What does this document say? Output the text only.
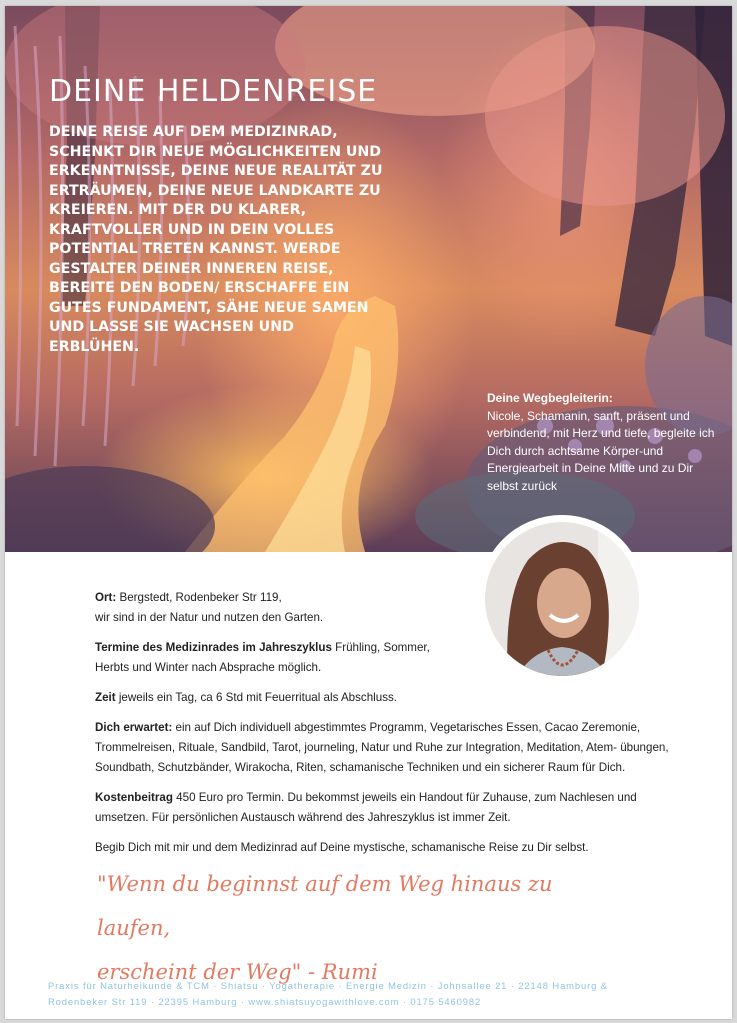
DEINE HELDENREISE

DEINE REISE AUF DEM MEDIZINRAD, SCHENKT DIR NEUE MÖGLICHKEITEN UND ERKENNTNISSE, DEINE NEUE REALITÄT ZU ERTRÄUMEN, DEINE NEUE LANDKARTE ZU KREIEREN. MIT DER DU KLARER, KRAFTVOLLER UND IN DEIN VOLLES POTENTIAL TRETEN KANNST. WERDE GESTALTER DEINER INNEREN REISE, BEREITE DEN BODEN/ ERSCHAFFE EIN GUTES FUNDAMENT, SÄHE NEUE SAMEN UND LASSE SIE WACHSEN UND ERBLÜHEN.

Deine Wegbegleiterin:
Nicole, Schamanin, sanft, präsent und verbindend, mit Herz und tiefe, begleite ich Dich durch achtsame Körper-und Energiearbeit in Deine Mitte und zu Dir selbst zurück

Ort: Bergstedt, Rodenbeker Str 119,
wir sind in der Natur und nutzen den Garten.

Termine des Medizinrades im Jahreszyklus Frühling, Sommer,
Herbts und Winter nach Absprache möglich.

Zeit jeweils ein Tag, ca 6 Std mit Feuerritual als Abschluss.

Dich erwartet: ein auf Dich individuell abgestimmtes Programm, Vegetarisches Essen, Cacao Zeremonie, Trommelreisen, Rituale, Sandbild, Tarot, journeling, Natur und Ruhe zur Integration, Meditation, Atem- übungen, Soundbath, Schutzbänder, Wirakocha, Riten, schamanische Techniken und ein sicherer Raum für Dich.

Kostenbeitrag 450 Euro pro Termin. Du bekommst jeweils ein Handout für Zuhause, zum Nachlesen und umsetzen. Für persönlichen Austausch während des Jahreszyklus ist immer Zeit.

Begib Dich mit mir und dem Medizinrad auf Deine mystische, schamanische Reise zu Dir selbst.

"Wenn du beginnst auf dem Weg hinaus zu laufen,
erscheint der Weg" - Rumi
Praxis für Naturheikunde & TCM · Shiatsu · Yogatherapie · Energie Medizin · Johnsallee 21 · 22148 Hamburg &
Rodenbeker Str 119 · 22395 Hamburg · www.shiatsuyogawithlove.com · 0175 5460982
